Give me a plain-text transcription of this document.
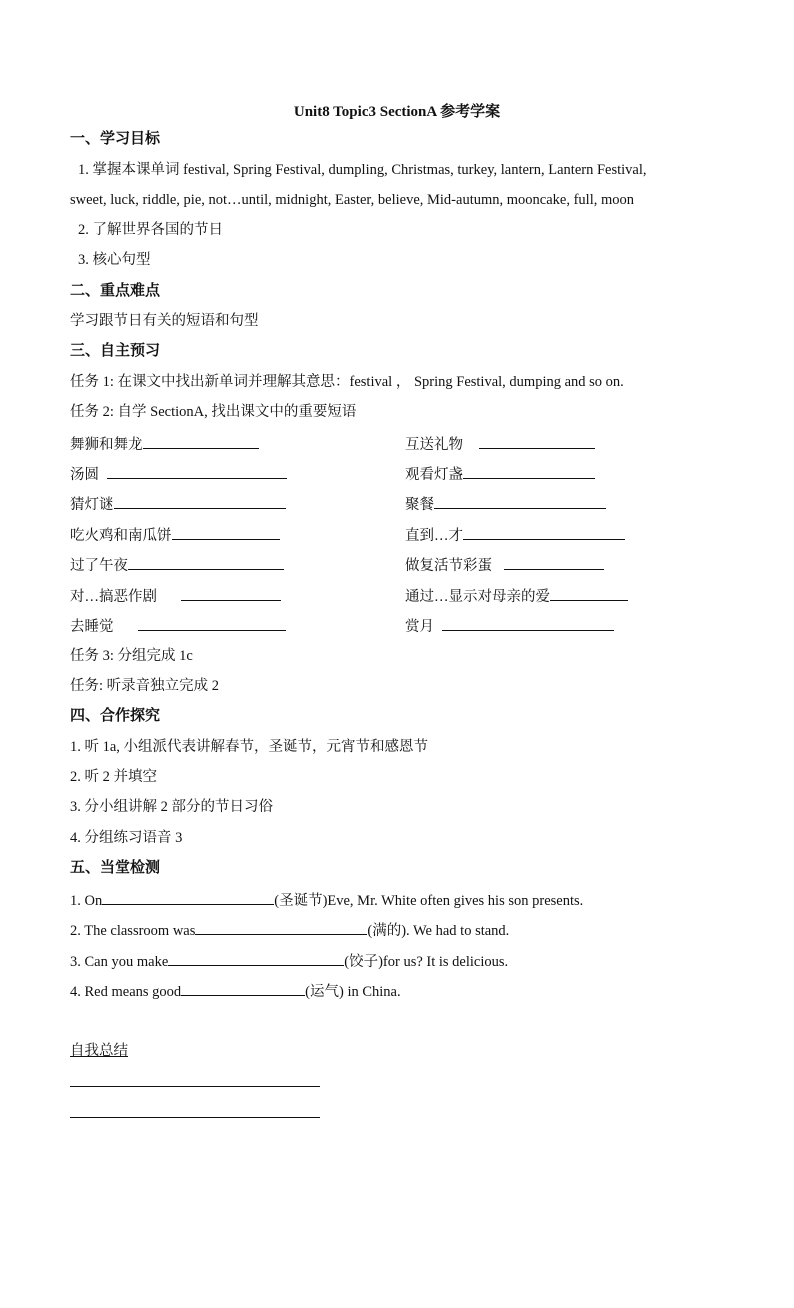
Unit8 Topic3 SectionA 参考学案
一、学习目标
1. 掌握本课单词 festival, Spring Festival, dumpling, Christmas, turkey, lantern, Lantern Festival,
sweet, luck, riddle, pie, not…until, midnight, Easter, believe, Mid-autumn, mooncake, full, moon
2. 了解世界各国的节日
3. 核心句型
二、重点难点
学习跟节日有关的短语和句型
三、自主预习
任务 1: 在课文中找出新单词并理解其意思：festival ， Spring Festival, dumping and so on.
任务 2: 自学 SectionA, 找出课文中的重要短语
舞狮和舞龙	互送礼物
汤圆	观看灯盏
猜灯谜	聚餐
吃火鸡和南瓜饼	直到…才
过了午夜	做复活节彩蛋
对…搞恶作剧	通过…显示对母亲的爱
去睡觉	赏月
任务 3: 分组完成 1c
任务: 听录音独立完成 2
四、合作探究
1. 听 1a, 小组派代表讲解春节，圣诞节，元宵节和感恩节
2. 听 2 并填空
3. 分小组讲解 2 部分的节日习俗
4. 分组练习语音 3
五、当堂检测
1. On	(圣诞节)Eve, Mr. White often gives his son presents.
2. The classroom was	(满的). We had to stand.
3. Can you make	(饺子)for us? It is delicious.
4. Red means good	(运气) in China.
自我总结
